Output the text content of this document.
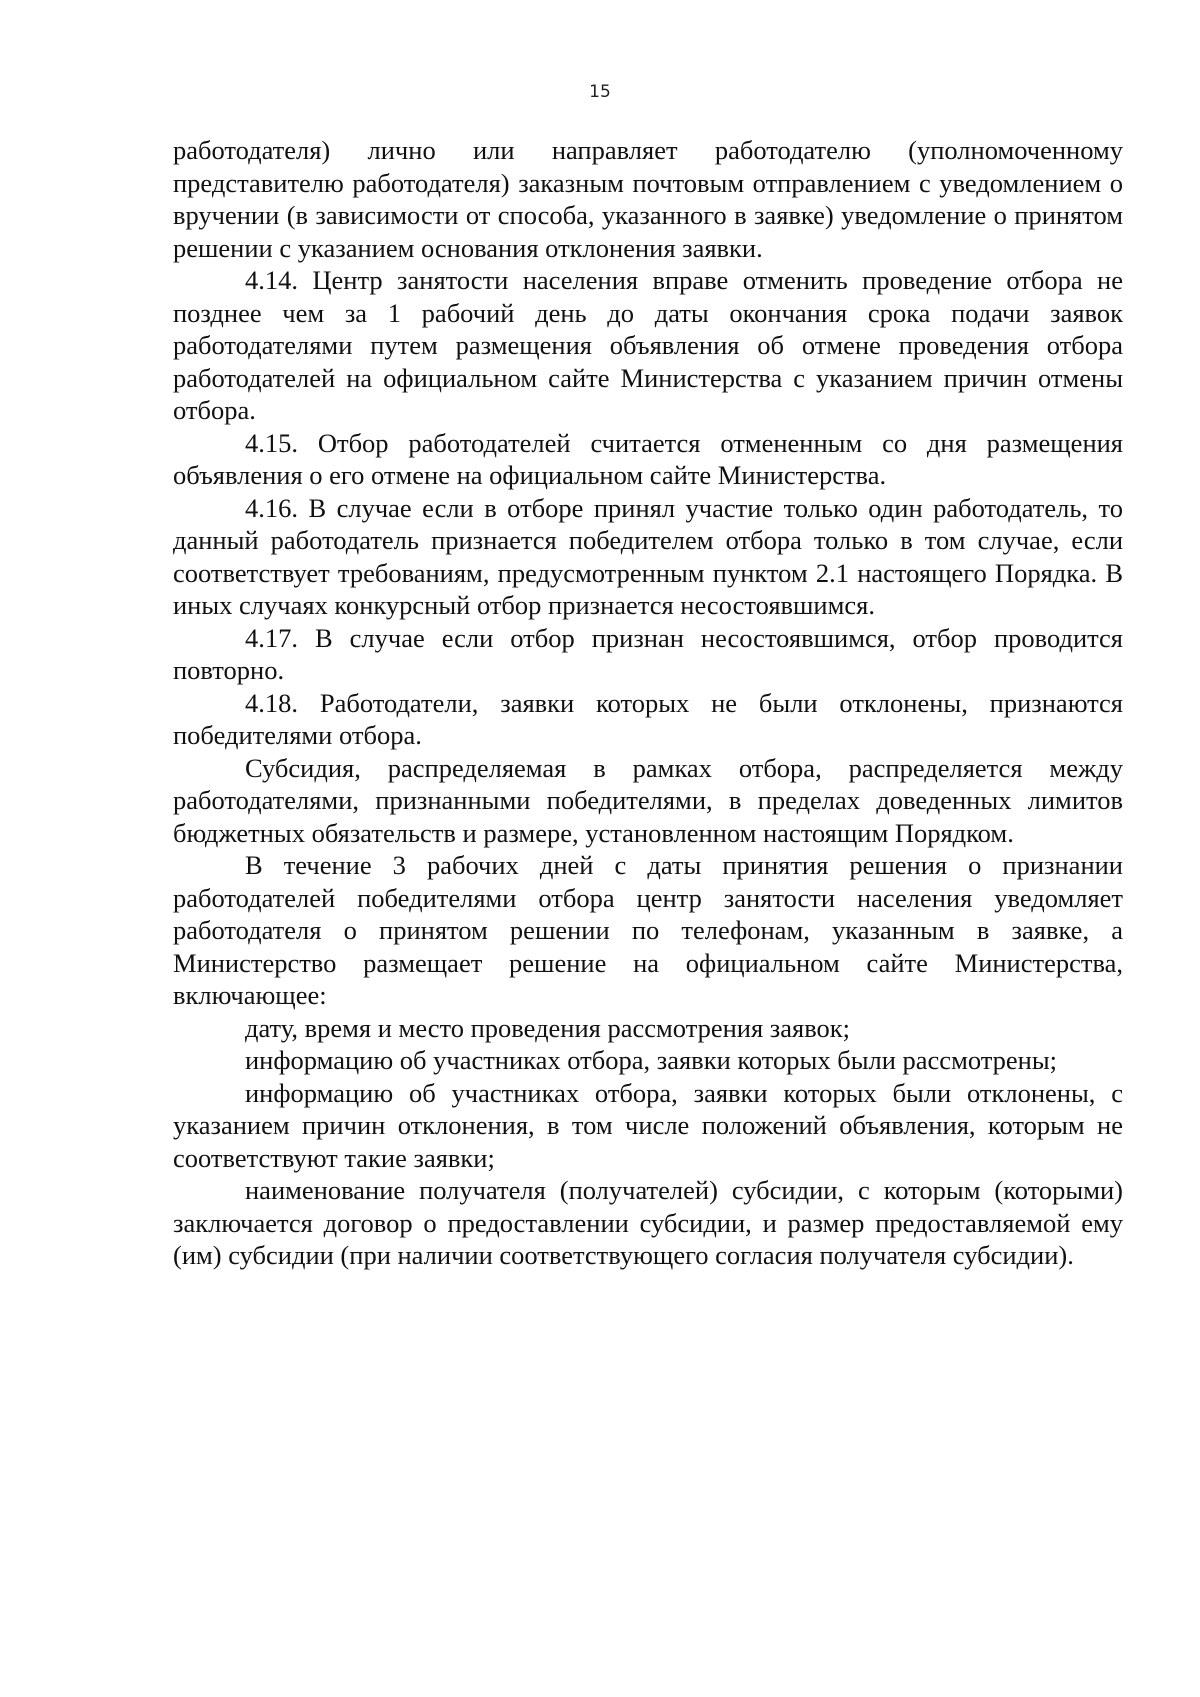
15

работодателя) лично или направляет работодателю (уполномоченному представителю работодателя) заказным почтовым отправлением с уведомлением о вручении (в зависимости от способа, указанного в заявке) уведомление о принятом решении с указанием основания отклонения заявки.

4.14. Центр занятости населения вправе отменить проведение отбора не позднее чем за 1 рабочий день до даты окончания срока подачи заявок работодателями путем размещения объявления об отмене проведения отбора работодателей на официальном сайте Министерства с указанием причин отмены отбора.

4.15. Отбор работодателей считается отмененным со дня размещения объявления о его отмене на официальном сайте Министерства.

4.16. В случае если в отборе принял участие только один работодатель, то данный работодатель признается победителем отбора только в том случае, если соответствует требованиям, предусмотренным пунктом 2.1 настоящего Порядка. В иных случаях конкурсный отбор признается несостоявшимся.

4.17. В случае если отбор признан несостоявшимся, отбор проводится повторно.

4.18. Работодатели, заявки которых не были отклонены, признаются победителями отбора.

Субсидия, распределяемая в рамках отбора, распределяется между работодателями, признанными победителями, в пределах доведенных лимитов бюджетных обязательств и размере, установленном настоящим Порядком.

В течение 3 рабочих дней с даты принятия решения о признании работодателей победителями отбора центр занятости населения уведомляет работодателя о принятом решении по телефонам, указанным в заявке, а Министерство размещает решение на официальном сайте Министерства, включающее:

дату, время и место проведения рассмотрения заявок;

информацию об участниках отбора, заявки которых были рассмотрены;

информацию об участниках отбора, заявки которых были отклонены, с указанием причин отклонения, в том числе положений объявления, которым не соответствуют такие заявки;

наименование получателя (получателей) субсидии, с которым (которыми) заключается договор о предоставлении субсидии, и размер предоставляемой ему (им) субсидии (при наличии соответствующего согласия получателя субсидии).
